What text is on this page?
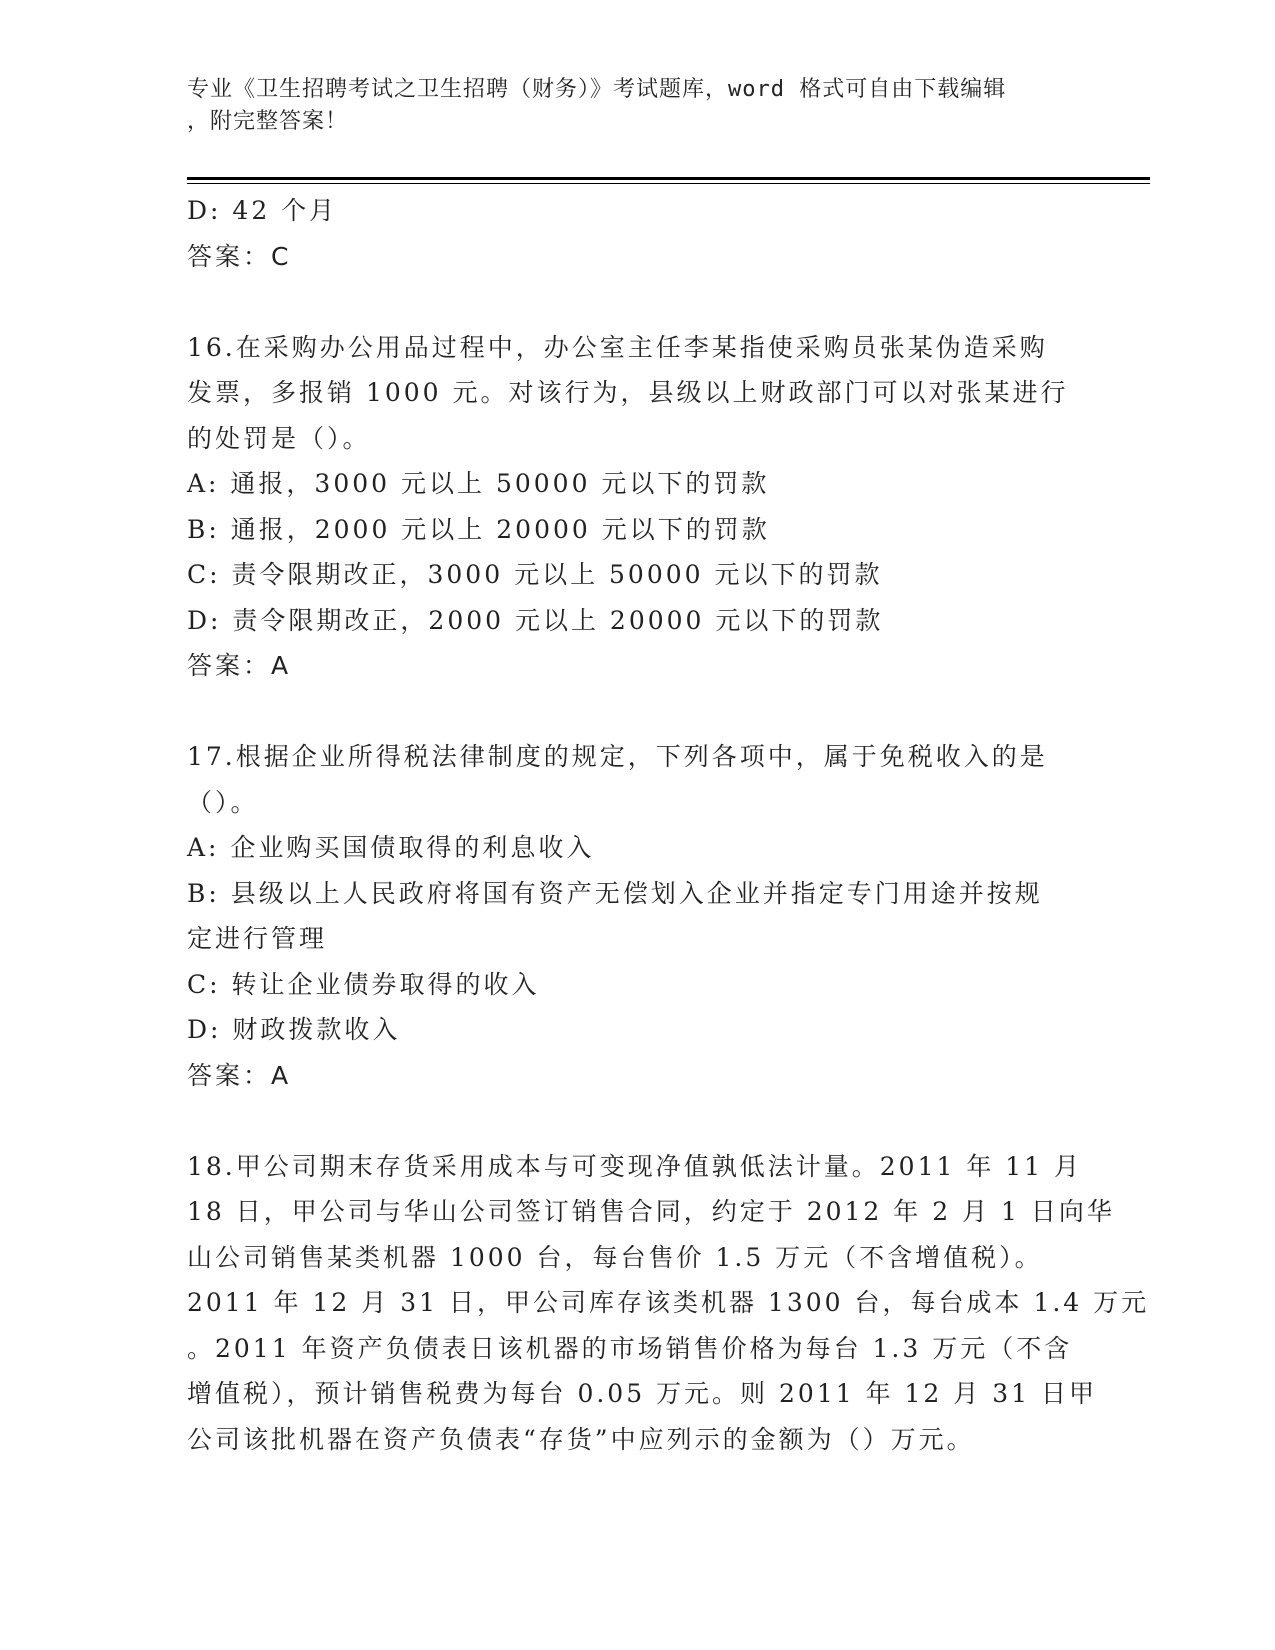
专业《卫生招聘考试之卫生招聘（财务）》考试题库，word 格式可自由下载编辑
，附完整答案！
D: 42 个月
答案：C
16.在采购办公用品过程中，办公室主任李某指使采购员张某伪造采购
发票，多报销 1000 元。对该行为，县级以上财政部门可以对张某进行
的处罚是（）。
A: 通报，3000 元以上 50000 元以下的罚款
B: 通报，2000 元以上 20000 元以下的罚款
C: 责令限期改正，3000 元以上 50000 元以下的罚款
D: 责令限期改正，2000 元以上 20000 元以下的罚款
答案：A
17.根据企业所得税法律制度的规定，下列各项中，属于免税收入的是
（）。
A: 企业购买国债取得的利息收入
B: 县级以上人民政府将国有资产无偿划入企业并指定专门用途并按规
定进行管理
C: 转让企业债券取得的收入
D: 财政拨款收入
答案：A
18.甲公司期末存货采用成本与可变现净值孰低法计量。2011 年 11 月
18 日，甲公司与华山公司签订销售合同，约定于 2012 年 2 月 1 日向华
山公司销售某类机器 1000 台，每台售价 1.5 万元（不含增值税）。
2011 年 12 月 31 日，甲公司库存该类机器 1300 台，每台成本 1.4 万元
。2011 年资产负债表日该机器的市场销售价格为每台 1.3 万元（不含
增值税），预计销售税费为每台 0.05 万元。则 2011 年 12 月 31 日甲
公司该批机器在资产负债表“存货”中应列示的金额为（）万元。
